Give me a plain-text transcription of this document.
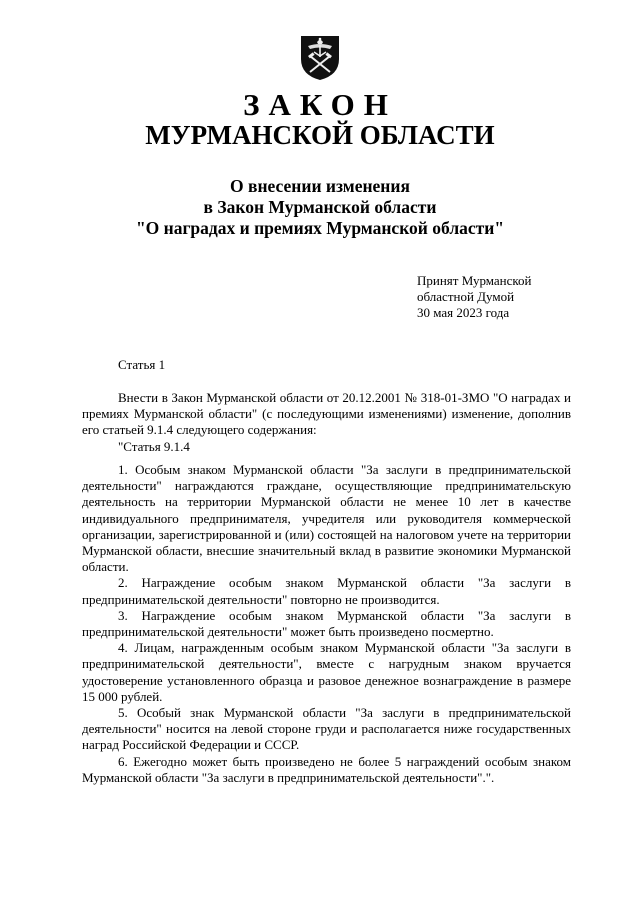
ЗАКОН
МУРМАНСКОЙ ОБЛАСТИ
О внесении изменения
в Закон Мурманской области
"О наградах и премиях Мурманской области"
Принят Мурманской
областной Думой
30 мая 2023 года
Статья 1

Внести в Закон Мурманской области от 20.12.2001 № 318-01-ЗМО "О наградах и премиях Мурманской области" (с последующими изменениями) изменение, дополнив его статьей 9.1.4 следующего содержания:

"Статья 9.1.4

1. Особым знаком Мурманской области "За заслуги в предпринимательской деятельности" награждаются граждане, осуществляющие предпринимательскую деятельность на территории Мурманской области не менее 10 лет в качестве индивидуального предпринимателя, учредителя или руководителя коммерческой организации, зарегистрированной и (или) состоящей на налоговом учете на территории Мурманской области, внесшие значительный вклад в развитие экономики Мурманской области.

2. Награждение особым знаком Мурманской области "За заслуги в предпринимательской деятельности" повторно не производится.

3. Награждение особым знаком Мурманской области "За заслуги в предпринимательской деятельности" может быть произведено посмертно.

4. Лицам, награжденным особым знаком Мурманской области "За заслуги в предпринимательской деятельности", вместе с нагрудным знаком вручается удостоверение установленного образца и разовое денежное вознаграждение в размере 15 000 рублей.

5. Особый знак Мурманской области "За заслуги в предпринимательской деятельности" носится на левой стороне груди и располагается ниже государственных наград Российской Федерации и СССР.

6. Ежегодно может быть произведено не более 5 награждений особым знаком Мурманской области "За заслуги в предпринимательской деятельности".".
